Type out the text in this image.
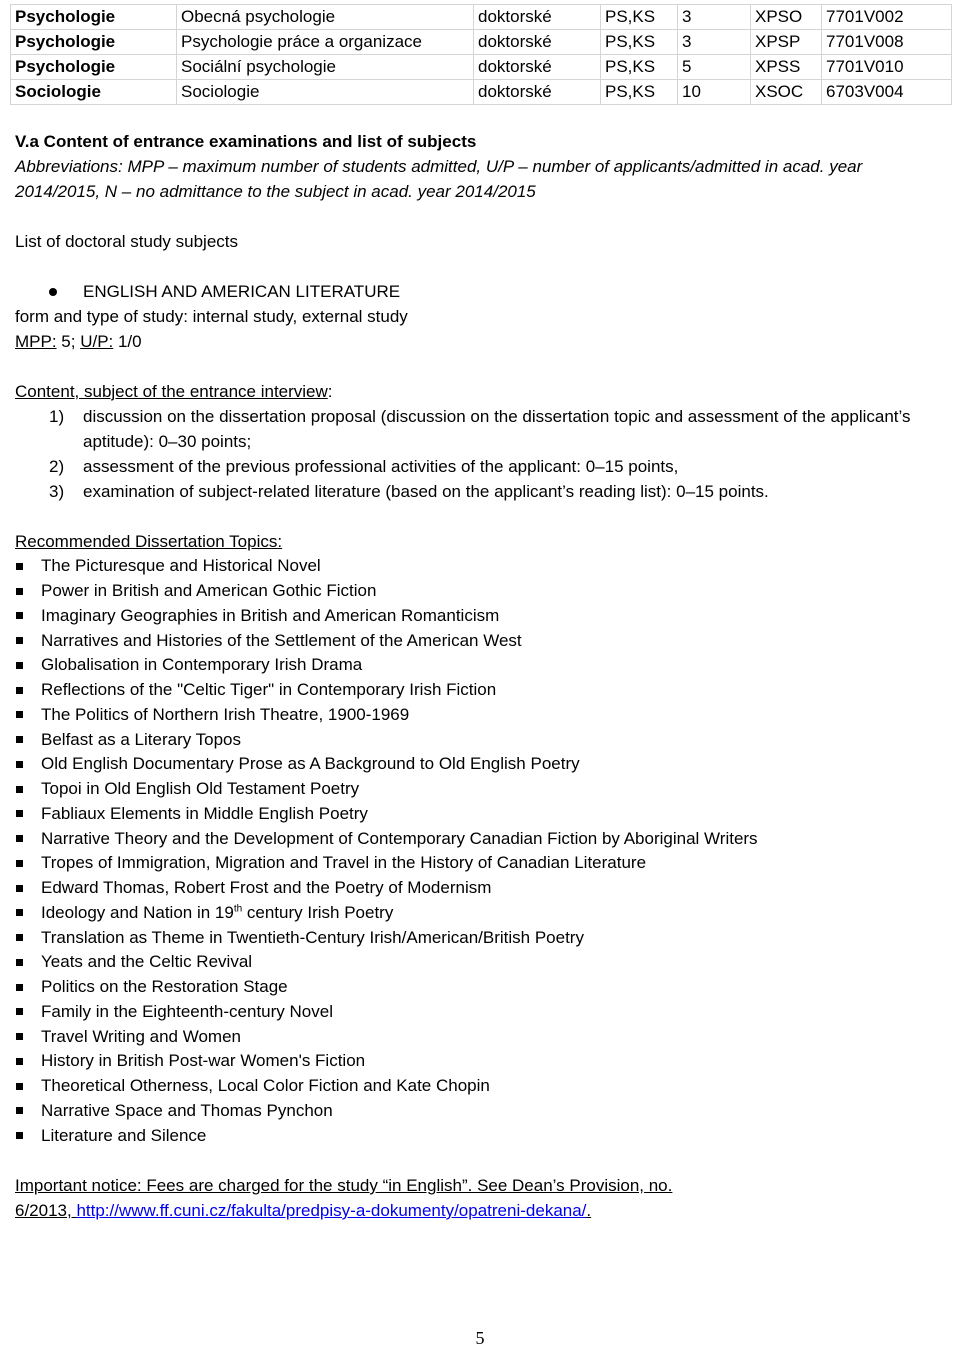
Psychologie	Obecná psychologie	doktorské	PS,KS	3	XPSO	7701V002
Psychologie	Psychologie práce a organizace	doktorské	PS,KS	3	XPSP	7701V008
Psychologie	Sociální psychologie	doktorské	PS,KS	5	XPSS	7701V010
Sociologie	Sociologie	doktorské	PS,KS	10	XSOC	6703V004
V.a Content of entrance examinations and list of subjects
Abbreviations: MPP – maximum number of students admitted, U/P – number of applicants/admitted in acad. year 2014/2015, N – no admittance to the subject in acad. year 2014/2015
List of doctoral study subjects
ENGLISH AND AMERICAN LITERATURE
form and type of study: internal study, external study
MPP: 5; U/P: 1/0
Content, subject of the entrance interview:
1)	discussion on the dissertation proposal (discussion on the dissertation topic and assessment of the applicant’s aptitude): 0–30 points;
2)	assessment of the previous professional activities of the applicant: 0–15 points,
3)	examination of subject-related literature (based on the applicant’s reading list): 0–15 points.
Recommended Dissertation Topics:
The Picturesque and Historical Novel
Power in British and American Gothic Fiction
Imaginary Geographies in British and American Romanticism
Narratives and Histories of the Settlement of the American West
Globalisation in Contemporary Irish Drama
Reflections of the "Celtic Tiger" in Contemporary Irish Fiction
The Politics of Northern Irish Theatre, 1900-1969
Belfast as a Literary Topos
Old English Documentary Prose as A Background to Old English Poetry
Topoi in Old English Old Testament Poetry
Fabliaux Elements in Middle English Poetry
Narrative Theory and the Development of Contemporary Canadian Fiction by Aboriginal Writers
Tropes of Immigration, Migration and Travel in the History of Canadian Literature
Edward Thomas, Robert Frost and the Poetry of Modernism
Ideology and Nation in 19th century Irish Poetry
Translation as Theme in Twentieth-Century Irish/American/British Poetry
Yeats and the Celtic Revival
Politics on the Restoration Stage
Family in the Eighteenth-century Novel
Travel Writing and Women
History in British Post-war Women's Fiction
Theoretical Otherness, Local Color Fiction and Kate Chopin
Narrative Space and Thomas Pynchon
Literature and Silence
Important notice: Fees are charged for the study “in English”. See Dean’s Provision, no.
6/2013, http://www.ff.cuni.cz/fakulta/predpisy-a-dokumenty/opatreni-dekana/.
5
